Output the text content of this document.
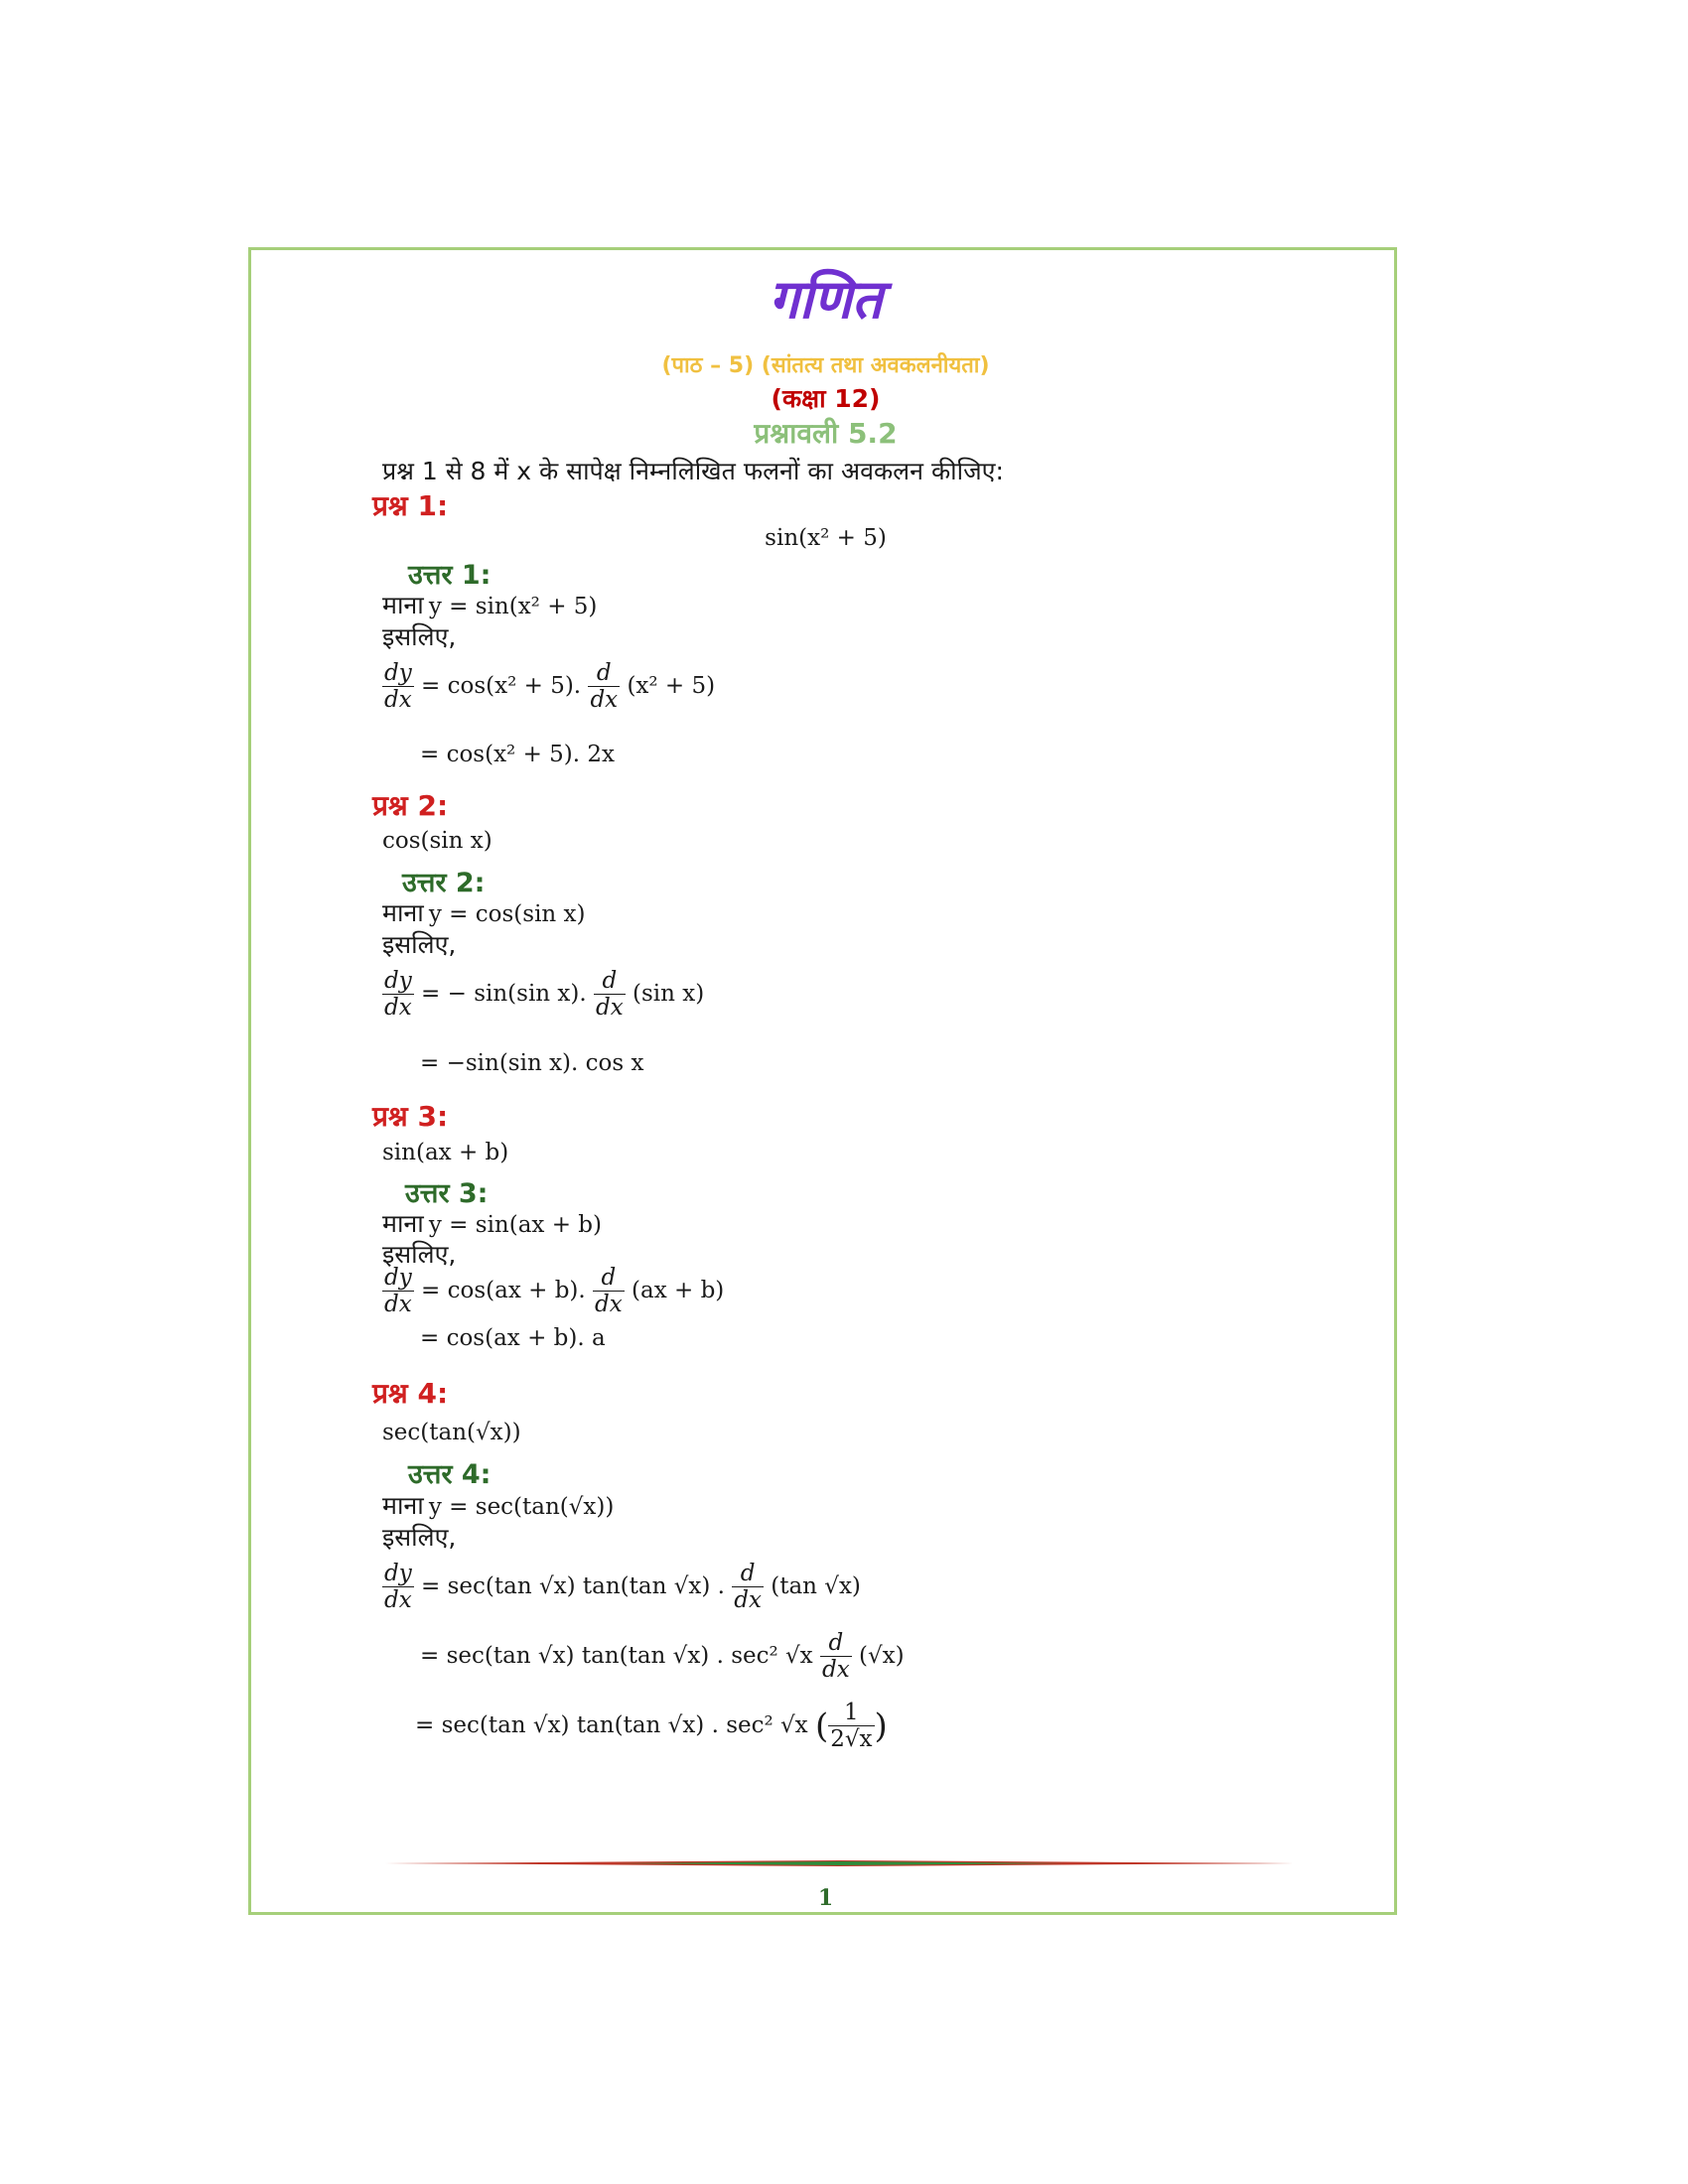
गणित
(पाठ – 5) (सांतत्य तथा अवकलनीयता)
(कक्षा 12)
प्रश्नावली 5.2
प्रश्न 1 से 8 में x के सापेक्ष निम्नलिखित फलनों का अवकलन कीजिए:
प्रश्न 1:
sin(x² + 5)
उत्तर 1:
माना y = sin(x² + 5)
इसलिए,
$\frac{dy}{dx} = \cos(x^2 + 5)$. $\frac{d}{dx} (x^2 + 5)$
= cos(x² + 5). 2x
प्रश्न 2:
cos(sin x)
उत्तर 2:
माना y = cos(sin x)
इसलिए,
$\frac{dy}{dx}$ = − sin(sin x). $\frac{d}{dx} (\sin$ x)
= −sin(sin x). cos x
प्रश्न 3:
sin(ax + b)
उत्तर 3:
माना y = sin(ax + b)
इसलिए,
$\frac{dy}{dx} = \cos(ax + b)$. $\frac{d}{dx} (ax + b)$
= cos(ax + b). a
प्रश्न 4:
sec(tan(√x))
उत्तर 4:
माना y = sec(tan(√x))
इसलिए,
$\frac{dy}{dx} = \sec(\tan$ √x) tan(tan √x) . $\frac{d}{dx} (\tan$ √x)
= sec(tan √x) tan(tan √x) . sec² $√x \frac{d}{dx} (√x)$
= sec(tan √x) tan(tan √x) . sec² √x ( $\frac{1}{2√x}$ )
1
